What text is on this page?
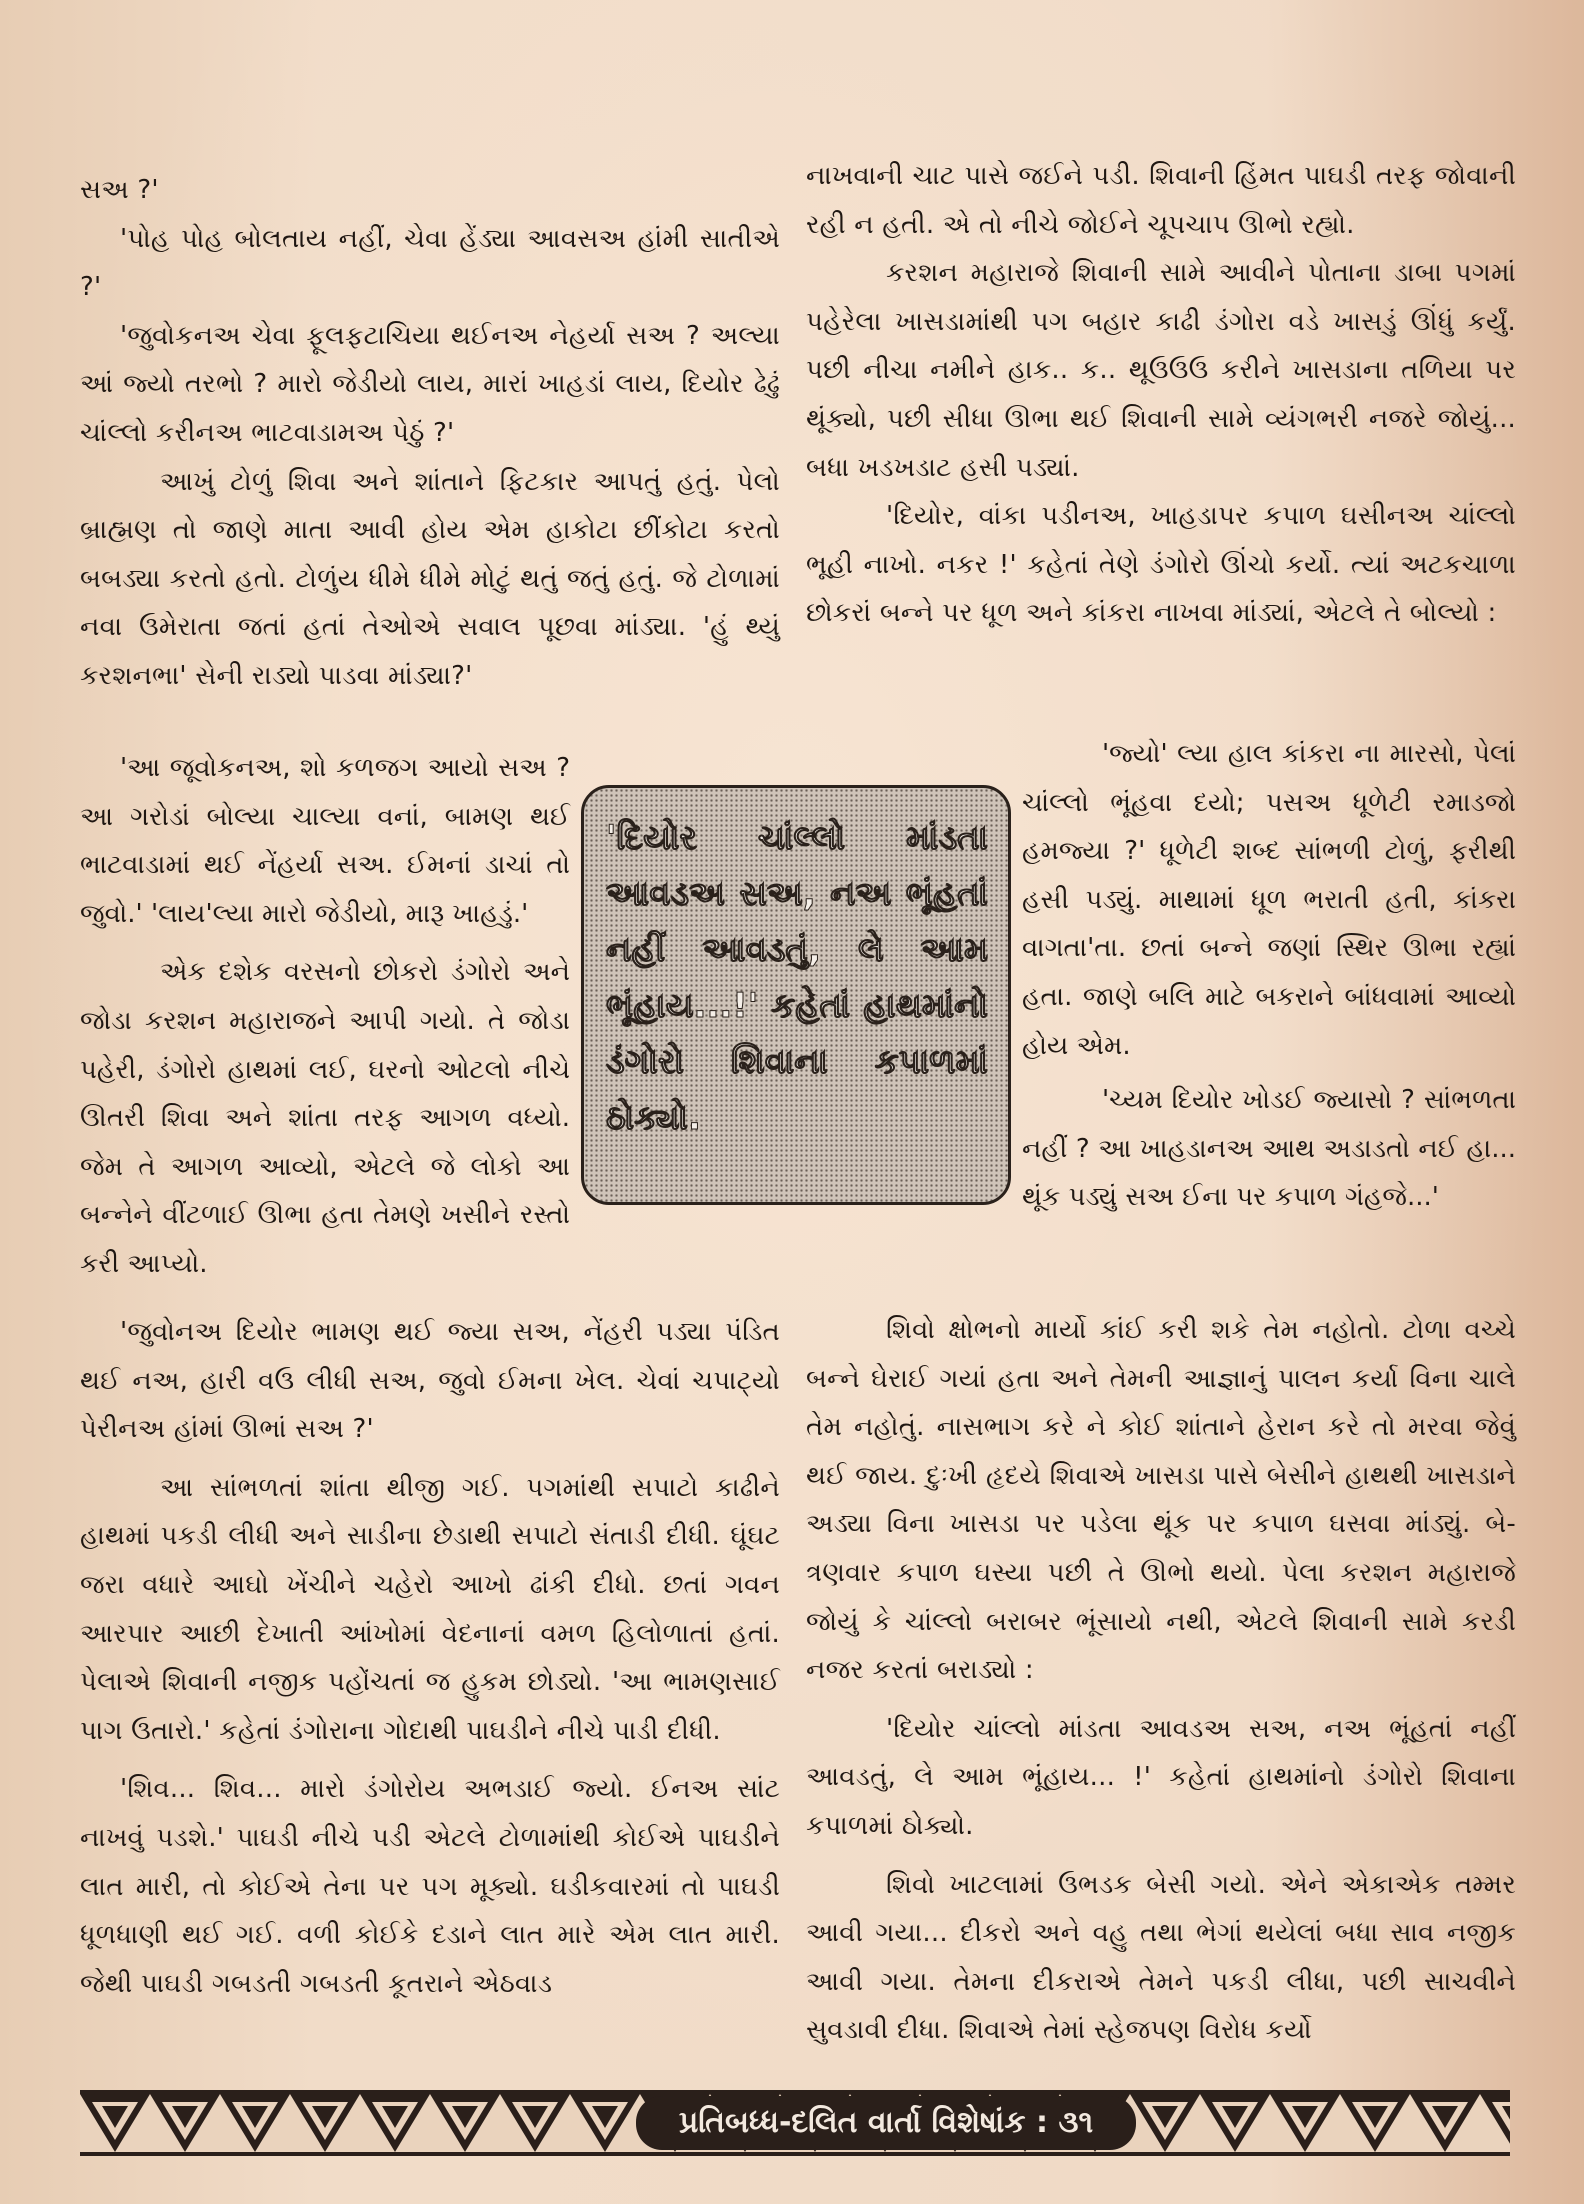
સઅ ?'

'પોહ પોહ બોલતાય નહીં, ચેવા હેંડ્યા આવસઅ હાંમી સાતીએ ?'

'જુવોકનઅ ચેવા ફૂલફટાચિયા થઈનઅ નેહર્યા સઅ ? અલ્યા આં જ્યો તરભો ? મારો જેડીયો લાય, મારાં ખાહડાં લાય, દિયોર ઢેઢું ચાંલ્લો કરીનઅ ભાટવાડામઅ પેઠું ?'

આખું ટોળું શિવા અને શાંતાને ફિટકાર આપતું હતું. પેલો બ્રાહ્મણ તો જાણે માતા આવી હોય એમ હાકોટા છીંકોટા કરતો બબડ્યા કરતો હતો. ટોળુંય ધીમે ધીમે મોટું થતું જતું હતું. જે ટોળામાં નવા ઉમેરાતા જતાં હતાં તેઓએ સવાલ પૂછવા માંડ્યા. 'હું થ્યું કરશનભા' સેની રાડ્યો પાડવા માંડ્યા?'

'આ જૂવોકનઅ, શો કળજગ આયો સઅ ? આ ગરોડાં બોલ્યા ચાલ્યા વનાં, બામણ થઈ ભાટવાડામાં થઈ નેંહર્યા સઅ. ઈમનાં ડાચાં તો જુવો.' 'લાય'લ્યા મારો જેડીયો, મારૂ ખાહડું.'

એક દશેક વરસનો છોકરો ડંગોરો અને જોડા કરશન મહારાજને આપી ગયો. તે જોડા પહેરી, ડંગોરો હાથમાં લઈ, ઘરનો ઓટલો નીચે ઊતરી શિવા અને શાંતા તરફ આગળ વધ્યો. જેમ તે આગળ આવ્યો, એટલે જે લોકો આ બન્નેને વીંટળાઈ ઊભા હતા તેમણે ખસીને રસ્તો કરી આપ્યો.

'જુવોનઅ દિયોર ભામણ થઈ જ્યા સઅ, નેંહરી પડ્યા પંડિત થઈ નઅ, હારી વઉ લીધી સઅ, જુવો ઈમના ખેલ. ચેવાં ચપાટ્યો પેરીનઅ હાંમાં ઊભાં સઅ ?'

આ સાંભળતાં શાંતા થીજી ગઈ. પગમાંથી સપાટો કાઢીને હાથમાં પકડી લીધી અને સાડીના છેડાથી સપાટો સંતાડી દીધી. ઘૂંઘટ જરા વધારે આઘો ખેંચીને ચહેરો આખો ઢાંકી દીધો. છતાં ગવન આરપાર આછી દેખાતી આંખોમાં વેદનાનાં વમળ હિલોળાતાં હતાં. પેલાએ શિવાની નજીક પહોંચતાં જ હુકમ છોડ્યો. 'આ ભામણસાઈ પાગ ઉતારો.' કહેતાં ડંગોરાના ગોદાથી પાઘડીને નીચે પાડી દીધી.

'શિવ... શિવ... મારો ડંગોરોય અભડાઈ જ્યો. ઈનઅ સાંટ નાખવું પડશે.' પાઘડી નીચે પડી એટલે ટોળામાંથી કોઈએ પાઘડીને લાત મારી, તો કોઈએ તેના પર પગ મૂક્યો. ઘડીકવારમાં તો પાઘડી ધૂળધાણી થઈ ગઈ. વળી કોઈકે દડાને લાત મારે એમ લાત મારી. જેથી પાઘડી ગબડતી ગબડતી કૂતરાને એઠવાડ

નાખવાની ચાટ પાસે જઈને પડી. શિવાની હિંમત પાઘડી તરફ જોવાની રહી ન હતી. એ તો નીચે જોઈને ચૂપચાપ ઊભો રહ્યો.

કરશન મહારાજે શિવાની સામે આવીને પોતાના ડાબા પગમાં પહેરેલા ખાસડામાંથી પગ બહાર કાઢી ડંગોરા વડે ખાસડું ઊંધું કર્યું. પછી નીચા નમીને હાક.. ક.. થૂઉઉઉ કરીને ખાસડાના તળિયા પર થૂંક્યો, પછી સીધા ઊભા થઈ શિવાની સામે વ્યંગભરી નજરે જોયું... બધા ખડખડાટ હસી પડ્યાં.

'દિયોર, વાંકા પડીનઅ, ખાહડાપર કપાળ ઘસીનઅ ચાંલ્લો ભૂહી નાખો. નકર !' કહેતાં તેણે ડંગોરો ઊંચો કર્યો. ત્યાં અટકચાળા છોકરાં બન્ને પર ધૂળ અને કાંકરા નાખવા માંડ્યાં, એટલે તે બોલ્યો :

'જ્યો' લ્યા હાલ કાંકરા ના મારસો, પેલાં ચાંલ્લો ભૂંહવા દયો; પસઅ ધૂળેટી રમાડજો હમજ્યા ?' ધૂળેટી શબ્દ સાંભળી ટોળું, ફરીથી હસી પડ્યું. માથામાં ધૂળ ભરાતી હતી, કાંકરા વાગતા'તા. છતાં બન્ને જણાં સ્થિર ઊભા રહ્યાં હતા. જાણે બલિ માટે બકરાને બાંધવામાં આવ્યો હોય એમ.

'ચ્યમ દિયોર ખોડઈ જ્યાસો ? સાંભળતા નહીં ? આ ખાહડાનઅ આથ અડાડતો નઈ હા... થૂંક પડ્યું સઅ ઈના પર કપાળ ગંહજે...'

શિવો ક્ષોભનો માર્યો કાંઈ કરી શકે તેમ નહોતો. ટોળા વચ્ચે બન્ને ઘેરાઈ ગયાં હતા અને તેમની આજ્ઞાનું પાલન કર્યા વિના ચાલે તેમ નહોતું. નાસભાગ કરે ને કોઈ શાંતાને હેરાન કરે તો મરવા જેવું થઈ જાય. દુઃખી હૃદયે શિવાએ ખાસડા પાસે બેસીને હાથથી ખાસડાને અડ્યા વિના ખાસડા પર પડેલા થૂંક પર કપાળ ઘસવા માંડ્યું. બે-ત્રણવાર કપાળ ઘસ્યા પછી તે ઊભો થયો. પેલા કરશન મહારાજે જોયું કે ચાંલ્લો બરાબર ભૂંસાયો નથી, એટલે શિવાની સામે કરડી નજર કરતાં બરાડ્યો :

'દિયોર ચાંલ્લો માંડતા આવડઅ સઅ, નઅ ભૂંહતાં નહીં આવડતું, લે આમ ભૂંહાય... !' કહેતાં હાથમાંનો ડંગોરો શિવાના કપાળમાં ઠોક્યો.

શિવો ખાટલામાં ઉભડક બેસી ગયો. એને એકાએક તમ્મર આવી ગયા... દીકરો અને વહુ તથા ભેગાં થયેલાં બધા સાવ નજીક આવી ગયા. તેમના દીકરાએ તેમને પકડી લીધા, પછી સાચવીને સુવડાવી દીધા. શિવાએ તેમાં સ્હેજપણ વિરોધ કર્યો

'દિયોર ચાંલ્લો માંડતા આવડઅ સઅ, નઅ ભૂંહતાં નહીં આવડતું, લે આમ ભૂંહાય...!' કહેતાં હાથમાંનો ડંગોરો શિવાના કપાળમાં ઠોક્યો.

પ્રતિબધ્ધ-દલિત વાર્તા વિશેષાંક : ૩૧
